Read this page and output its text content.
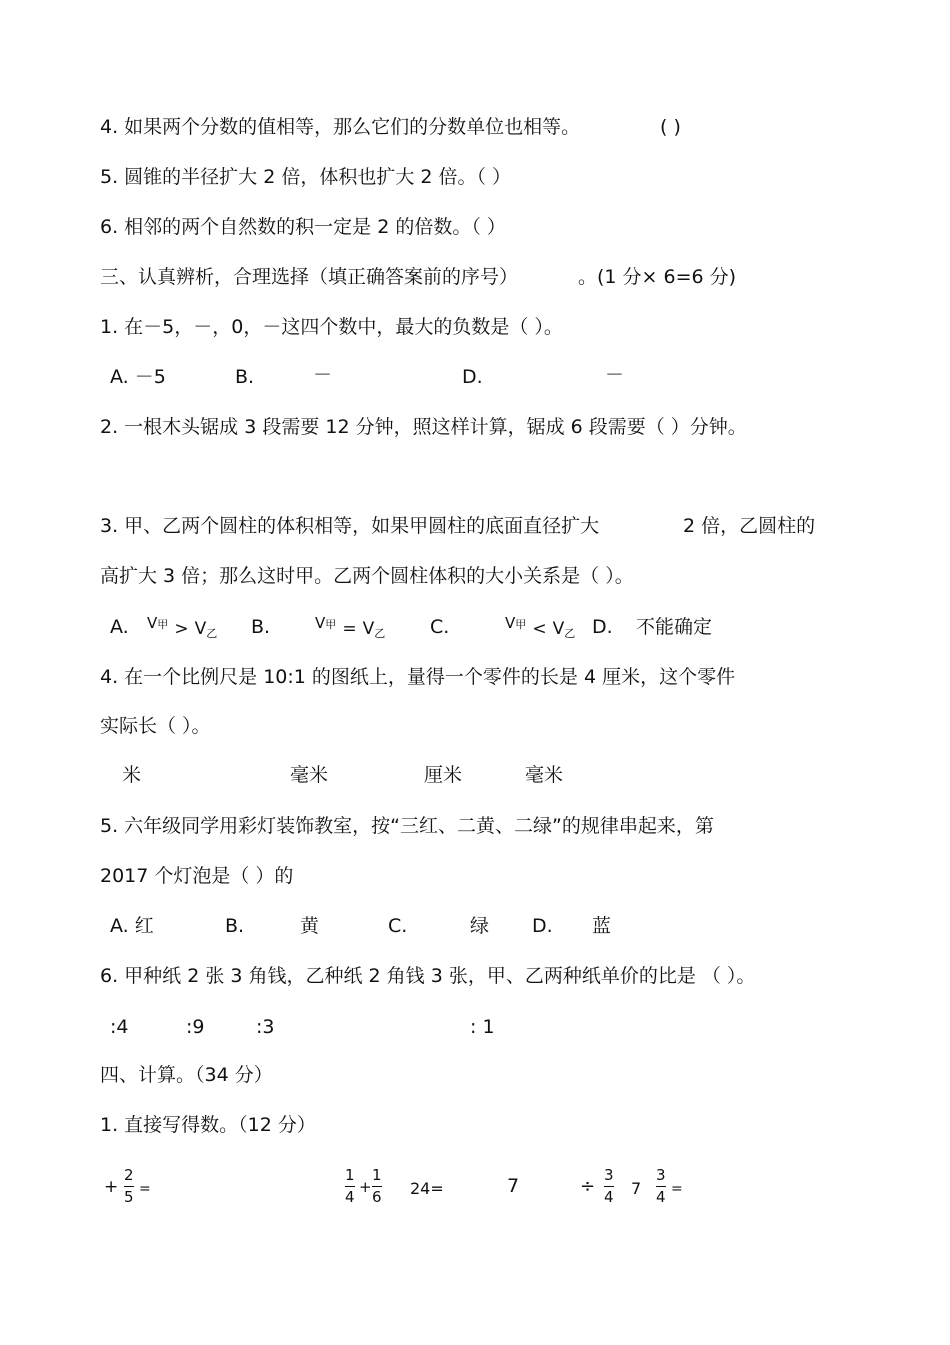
4. 如果两个分数的值相等，那么它们的分数单位也相等。	( )
5. 圆锥的半径扩大 2 倍，体积也扩大 2 倍。（ ）
6. 相邻的两个自然数的积一定是 2 的倍数。（ ）
三、认真辨析，合理选择（填正确答案前的序号）	。(1 分× 6=6 分)
1. 在－5，－，0，－这四个数中，最大的负数是（ ）。
A. －5	B.	－	D.	－
2. 一根木头锯成 3 段需要 12 分钟，照这样计算，锯成 6 段需要（ ）分钟。
3. 甲、乙两个圆柱的体积相等，如果甲圆柱的底面直径扩大	2 倍，乙圆柱的
高扩大 3 倍；那么这时甲。乙两个圆柱体积的大小关系是（ ）。
A. V甲 > $V_乙$ B.	V甲 = $V_乙$ C.	V甲 < $V_乙$ D. 不能确定
4. 在一个比例尺是 10:1 的图纸上，量得一个零件的长是 4 厘米，这个零件
实际长（ ）。
米	毫米	厘米	毫米
5. 六年级同学用彩灯装饰教室，按“三红、二黄、二绿”的规律串起来，第
2017 个灯泡是（ ）的
A. 红	B.	黄	C.	绿 D. 蓝
6. 甲种纸 2 张 3 角钱，乙种纸 2 角钱 3 张，甲、乙两种纸单价的比是 （ ）。
:4	:9	:3	: 1
四、计算。（34 分）
1. 直接写得数。（12 分）
+
2
5 =
1
4
+
1
6 24=	7	÷
3
4 7
3
4 =
